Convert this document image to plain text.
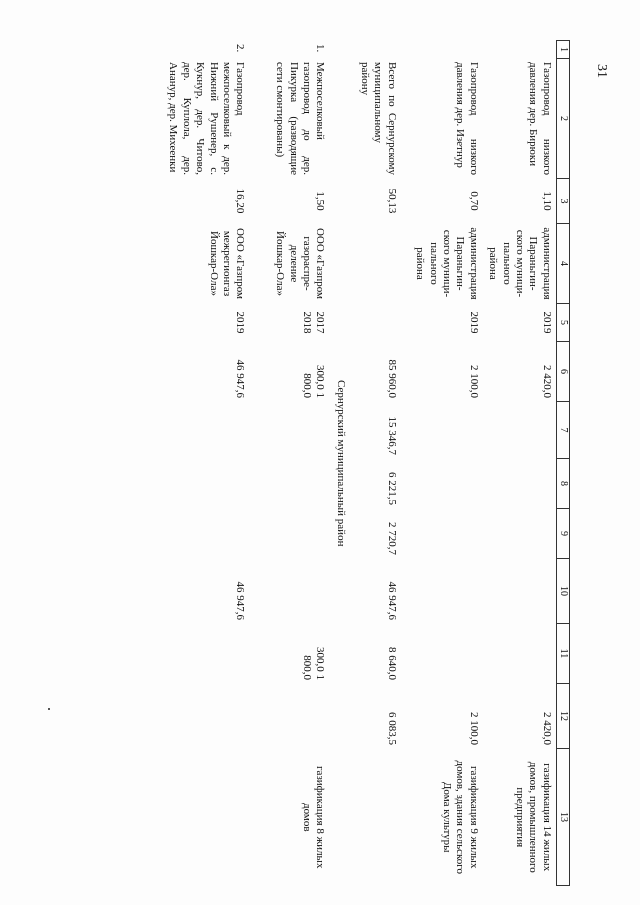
31
1	2	3	4	5	6	7	8	9	10	11	12	13
	Газопровод низкого давления дер. Бирюки	1,10	администрация Параньгин- ского муници- пального района	2019	2 420,0						2 420,0	газификация 14 жилых домов, промышленного предприятия
	Газопровод низкого давления дер. Изетнур	0,70	администрация Параньгин- ского муници- пального района	2019	2 100,0						2 100,0	газификация 9 жилых домов, здания сельского Дома культуры
	Всего по Сернурскому муниципальному району	50,13			85 960,0	15 346,7	6 221,5	2 720,7	46 947,6	8 640,0	6 083,5	
Сернурский муниципальный район												
1.	Межпоселковый газопровод до дер. Пикурка (разводящие сети смонтированы)	1,50	ООО «Газпром газораспре- деление Йошкар-Ола»	2017 2018	300,0 1 800,0					300,0 1 800,0		газификация 8 жилых домов
2.	Газопровод межпоселковый к дер. Нижний Рушенер, с. Кукнур, дер. Читово, дер. Куплола, дер. Ананур, дер. Михеенки	16,20	ООО «Газпром межрегионгаз Йошкар-Ола»	2019	46 947,6				46 947,6			
